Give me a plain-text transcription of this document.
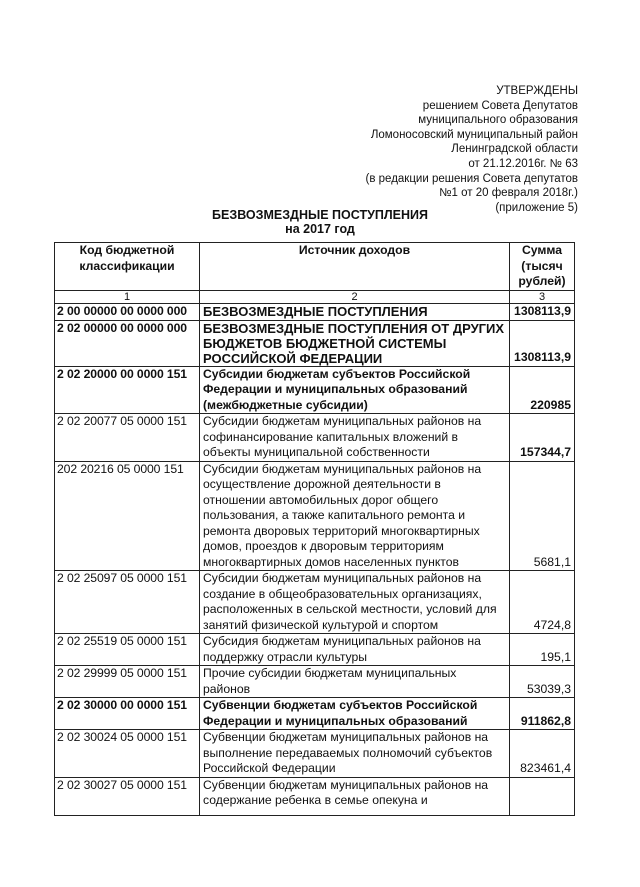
УТВЕРЖДЕНЫ
решением Совета Депутатов
муниципального образования
Ломоносовский муниципальный район
Ленинградской области
от 21.12.2016г. № 63
(в редакции решения Совета депутатов
№1 от 20 февраля 2018г.)
(приложение 5)
БЕЗВОЗМЕЗДНЫЕ ПОСТУПЛЕНИЯ
на 2017 год
Код бюджетной классификации	Источник доходов	Сумма (тысяч рублей)
1	2	3
2 00 00000 00 0000 000	БЕЗВОЗМЕЗДНЫЕ ПОСТУПЛЕНИЯ	1308113,9
2 02 00000 00 0000 000	БЕЗВОЗМЕЗДНЫЕ ПОСТУПЛЕНИЯ ОТ ДРУГИХ БЮДЖЕТОВ БЮДЖЕТНОЙ СИСТЕМЫ РОССИЙСКОЙ ФЕДЕРАЦИИ	1308113,9
2 02 20000 00 0000 151	Субсидии бюджетам субъектов Российской Федерации и муниципальных образований (межбюджетные субсидии)	220985
2 02 20077 05 0000 151	Субсидии бюджетам муниципальных районов на софинансирование капитальных вложений в объекты муниципальной собственности	157344,7
202 20216 05 0000 151	Субсидии бюджетам муниципальных районов на осуществление дорожной деятельности в отношении автомобильных дорог общего пользования, а также капитального ремонта и ремонта дворовых территорий многоквартирных домов, проездов к дворовым территориям многоквартирных домов населенных пунктов	5681,1
2 02 25097 05 0000 151	Субсидии бюджетам муниципальных районов на создание в общеобразовательных организациях, расположенных в сельской местности, условий для занятий физической культурой и спортом	4724,8
2 02 25519 05 0000 151	Субсидия бюджетам муниципальных районов на поддержку отрасли культуры	195,1
2 02 29999 05 0000 151	Прочие субсидии бюджетам муниципальных районов	53039,3
2 02 30000 00 0000 151	Субвенции бюджетам субъектов Российской Федерации и муниципальных образований	911862,8
2 02 30024 05 0000 151	Субвенции бюджетам муниципальных районов на выполнение передаваемых полномочий субъектов Российской Федерации	823461,4
2 02 30027 05 0000 151	Субвенции бюджетам муниципальных районов на содержание ребенка в семье опекуна и	
